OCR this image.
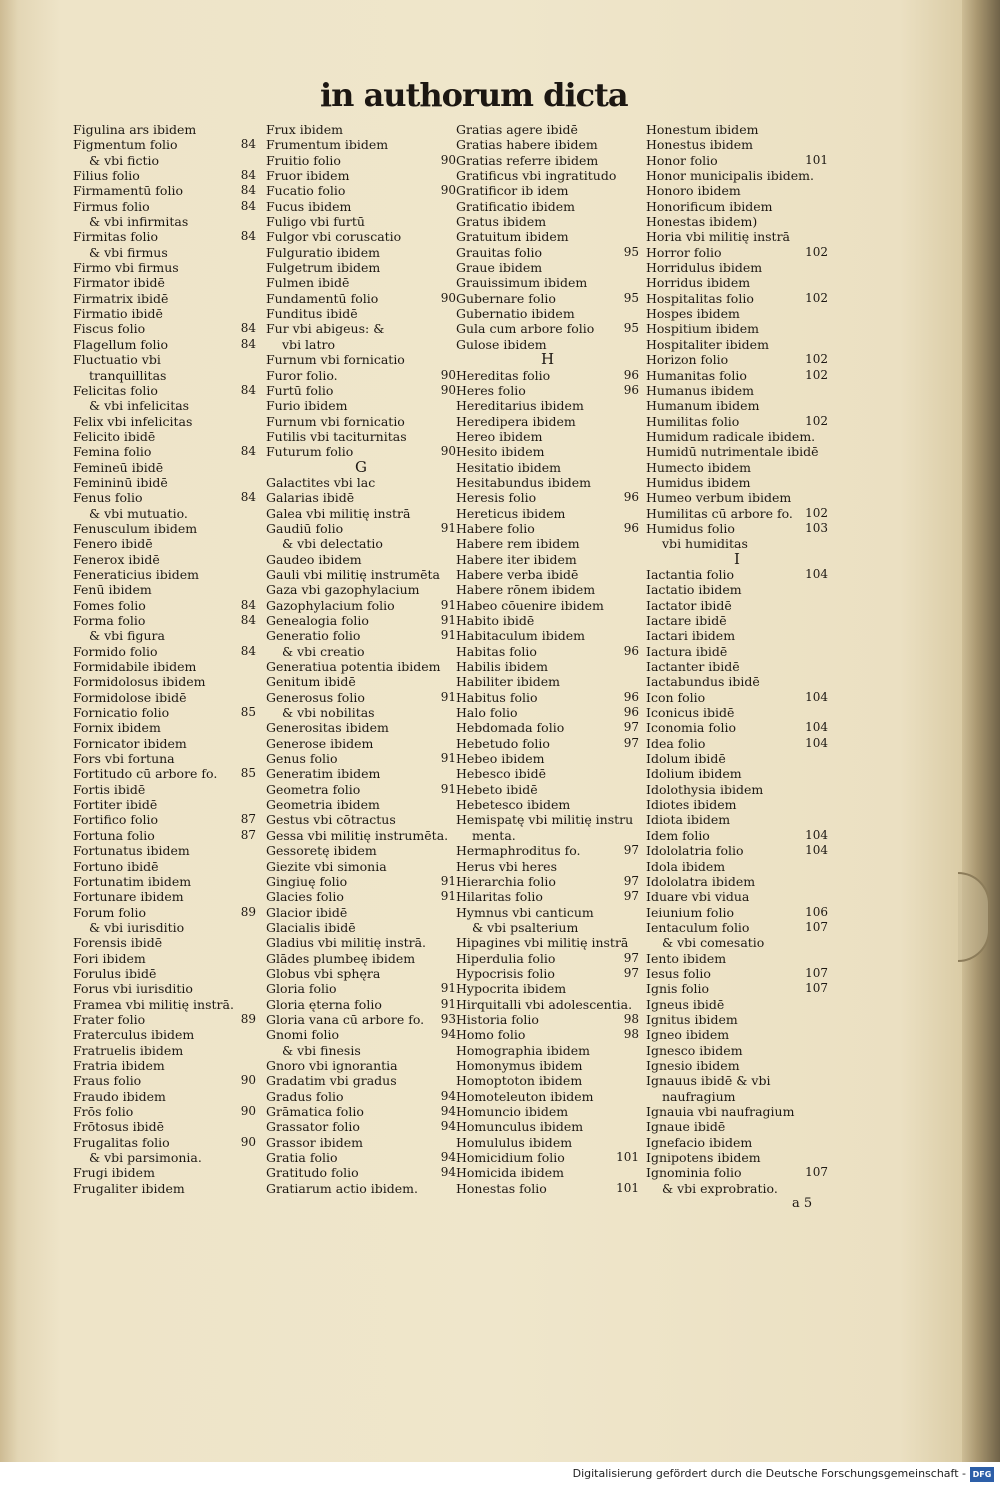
in authorum dicta
Figulina ars ibidem
Figmentum folio	84
& vbi fictio
Filius folio	84
Firmamentū folio	84
Firmus folio	84
& vbi infirmitas
Firmitas folio	84
& vbi firmus
Firmo vbi firmus
Firmator ibidē
Firmatrix ibidē
Firmatio ibidē
Fiscus folio	84
Flagellum folio	84
Fluctuatio vbi
tranquillitas
Felicitas folio	84
& vbi infelicitas
Felix vbi infelicitas
Felicito ibidē
Femina folio	84
Femineū ibidē
Femininū ibidē
Fenus folio	84
& vbi mutuatio.
Fenusculum ibidem
Fenero ibidē
Fenerox ibidē
Feneraticius ibidem
Fenū ibidem
Fomes folio	84
Forma folio	84
& vbi figura
Formido folio	84
Formidabile ibidem
Formidolosus ibidem
Formidolose ibidē
Fornicatio folio	85
Fornix ibidem
Fornicator ibidem
Fors vbi fortuna
Fortitudo cū arbore fo. 85
Fortis ibidē
Fortiter ibidē
Fortifico folio	87
Fortuna folio	87
Fortunatus ibidem
Fortuno ibidē
Fortunatim ibidem
Fortunare ibidem
Forum folio	89
& vbi iurisditio
Forensis ibidē
Fori ibidem
Forulus ibidē
Forus vbi iurisditio
Framea vbi militię instrā.
Frater folio	89
Fraterculus ibidem
Fratruelis ibidem
Fratria ibidem
Fraus folio	90
Fraudo ibidem
Frōs folio	90
Frōtosus ibidē
Frugalitas folio	90
& vbi parsimonia.
Frugi ibidem
Frugaliter ibidem
Frux ibidem
Frumentum ibidem
Fruitio folio	90
Fruor ibidem
Fucatio folio	90
Fucus ibidem
Fuligo vbi furtū
Fulgor vbi coruscatio
Fulguratio ibidem
Fulgetrum ibidem
Fulmen ibidē
Fundamentū folio	90
Funditus ibidē
Fur vbi abigeus: &
vbi latro
Furnum vbi fornicatio
Furor folio.	90
Furtū folio	90
Furio ibidem
Furnum vbi fornicatio
Futilis vbi taciturnitas
Futurum folio	90
G
Galactites vbi lac
Galarias ibidē
Galea vbi militię instrā
Gaudiū folio	91
& vbi delectatio
Gaudeo ibidem
Gauli vbi militię instrumēta
Gaza vbi gazophylacium
Gazophylacium folio	91
Genealogia folio	91
Generatio folio	91
& vbi creatio
Generatiua potentia ibidem
Genitum ibidē
Generosus folio	91
& vbi nobilitas
Generositas ibidem
Generose ibidem
Genus folio	91
Generatim ibidem
Geometra folio	91
Geometria ibidem
Gestus vbi cōtractus
Gessa vbi militię instrumēta.
Gessoretę ibidem
Giezite vbi simonia
Gingiuę folio	91
Glacies folio	91
Glacior ibidē
Glacialis ibidē
Gladius vbi militię instrā.
Glādes plumbeę ibidem
Globus vbi sphęra
Gloria folio	91
Gloria ęterna folio	91
Gloria vana cū arbore fo. 93
Gnomi folio	94
& vbi finesis
Gnoro vbi ignorantia
Gradatim vbi gradus
Gradus folio	94
Grāmatica folio	94
Grassator folio	94
Grassor ibidem
Gratia folio	94
Gratitudo folio	94
Gratiarum actio ibidem.
Gratias agere ibidē
Gratias habere ibidem
Gratias referre ibidem
Gratificus vbi ingratitudo
Gratificor ib idem
Gratificatio ibidem
Gratus ibidem
Gratuitum ibidem
Grauitas folio	95
Graue ibidem
Grauissimum ibidem
Gubernare folio	95
Gubernatio ibidem
Gula cum arbore folio 95
Gulose ibidem
H
Hereditas folio	96
Heres folio	96
Hereditarius ibidem
Heredipera ibidem
Hereo ibidem
Hesito ibidem
Hesitatio ibidem
Hesitabundus ibidem
Heresis folio	96
Hereticus ibidem
Habere folio	96
Habere rem ibidem
Habere iter ibidem
Habere verba ibidē
Habere rōnem ibidem
Habeo cōuenire ibidem
Habito ibidē
Habitaculum ibidem
Habitas folio	96
Habilis ibidem
Habiliter ibidem
Habitus folio	96
Halo folio	96
Hebdomada folio	97
Hebetudo folio	97
Hebeo ibidem
Hebesco ibidē
Hebeto ibidē
Hebetesco ibidem
Hemispatę vbi militię instru
menta.
Hermaphroditus fo.	97
Herus vbi heres
Hierarchia folio	97
Hilaritas folio	97
Hymnus vbi canticum
& vbi psalterium
Hipagines vbi militię instrā
Hiperdulia folio	97
Hypocrisis folio	97
Hypocrita ibidem
Hirquitalli vbi adolescentia.
Historia folio	98
Homo folio	98
Homographia ibidem
Homonymus ibidem
Homoptoton ibidem
Homoteleuton ibidem
Homuncio ibidem
Homunculus ibidem
Homululus ibidem
Homicidium folio	101
Homicida ibidem
Honestas folio	101
Honestum ibidem
Honestus ibidem
Honor folio	101
Honor municipalis ibidem.
Honoro ibidem
Honorificum ibidem
Honestas ibidem)
Horia vbi militię instrā
Horror folio	102
Horridulus ibidem
Horridus ibidem
Hospitalitas folio	102
Hospes ibidem
Hospitium ibidem
Hospitaliter ibidem
Horizon folio	102
Humanitas folio	102
Humanus ibidem
Humanum ibidem
Humilitas folio	102
Humidum radicale ibidem.
Humidū nutrimentale ibidē
Humecto ibidem
Humidus ibidem
Humeo verbum ibidem
Humilitas cū arbore fo. 102
Humidus folio	103
vbi humiditas
I
Iactantia folio	104
Iactatio ibidem
Iactator ibidē
Iactare ibidē
Iactari ibidem
Iactura ibidē
Iactanter ibidē
Iactabundus ibidē
Icon folio	104
Iconicus ibidē
Iconomia folio	104
Idea folio	104
Idolum ibidē
Idolium ibidem
Idolothysia ibidem
Idiotes ibidem
Idiota ibidem
Idem folio	104
Idololatria folio	104
Idola ibidem
Idololatra ibidem
Iduare vbi vidua
Ieiunium folio	106
Ientaculum folio	107
& vbi comesatio
Iento ibidem
Iesus folio	107
Ignis folio	107
Igneus ibidē
Ignitus ibidem
Igneo ibidem
Ignesco ibidem
Ignesio ibidem
Ignauus ibidē & vbi
naufragium
Ignauia vbi naufragium
Ignaue ibidē
Ignefacio ibidem
Ignipotens ibidem
Ignominia folio	107
& vbi exprobratio.
a 5
Digitalisierung gefördert durch die Deutsche Forschungsgemeinschaft - DFG
